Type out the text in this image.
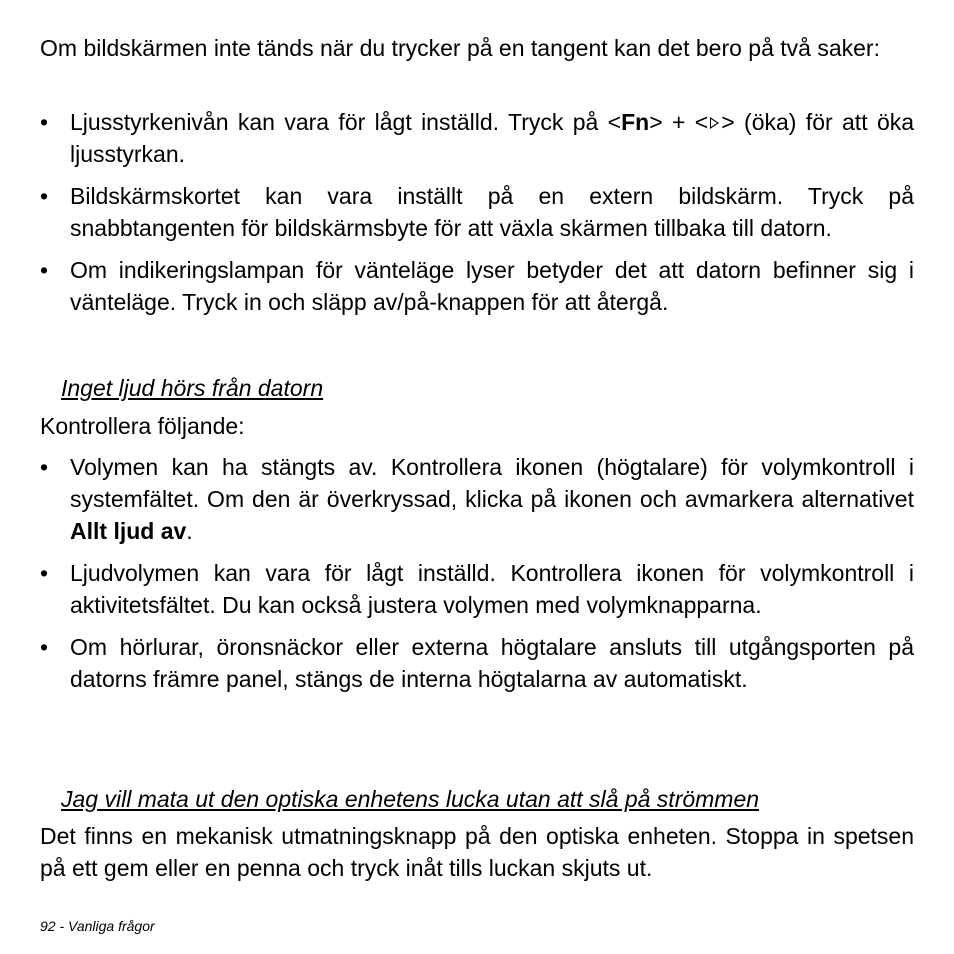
Om bildskärmen inte tänds när du trycker på en tangent kan det bero på två saker:

• Ljusstyrkenivån kan vara för lågt inställd. Tryck på <Fn> + < > (öka) för att öka ljusstyrkan.
• Bildskärmskortet kan vara inställt på en extern bildskärm. Tryck på snabbtangenten för bildskärmsbyte för att växla skärmen tillbaka till datorn.
• Om indikeringslampan för vänteläge lyser betyder det att datorn befinner sig i vänteläge. Tryck in och släpp av/på-knappen för att återgå.
Inget ljud hörs från datorn

Kontrollera följande:

• Volymen kan ha stängts av. Kontrollera ikonen (högtalare) för volymkontroll i systemfältet. Om den är överkryssad, klicka på ikonen och avmarkera alternativet Allt ljud av.
• Ljudvolymen kan vara för lågt inställd. Kontrollera ikonen för volymkontroll i aktivitetsfältet. Du kan också justera volymen med volymknapparna.
• Om hörlurar, öronsnäckor eller externa högtalare ansluts till utgångsporten på datorns främre panel, stängs de interna högtalarna av automatiskt.
Jag vill mata ut den optiska enhetens lucka utan att slå på strömmen

Det finns en mekanisk utmatningsknapp på den optiska enheten. Stoppa in spetsen på ett gem eller en penna och tryck inåt tills luckan skjuts ut.

92 - Vanliga frågor
